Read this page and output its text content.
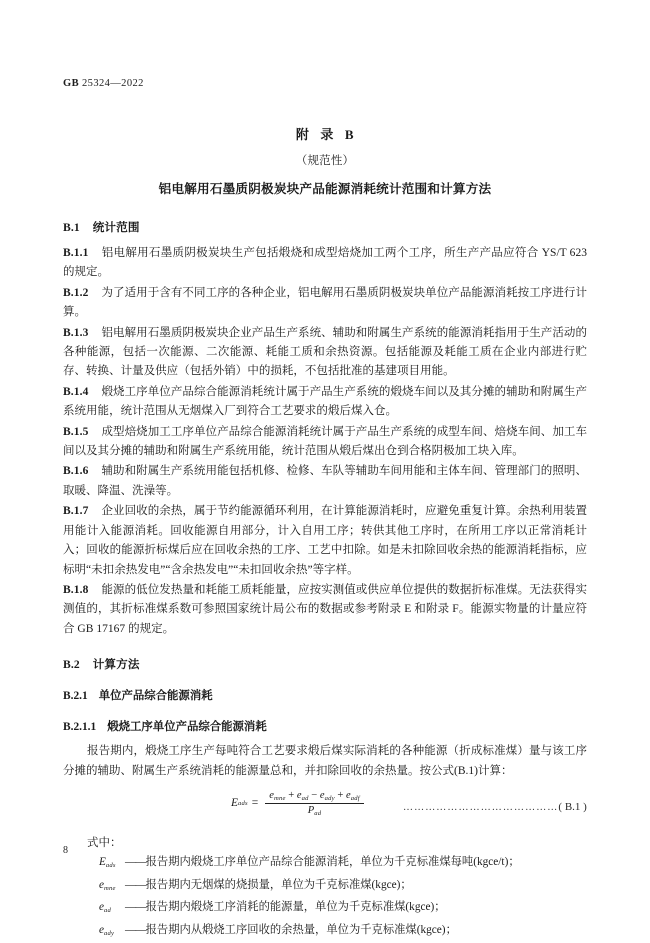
GB 25324—2022
附 录 B
（规范性）
铝电解用石墨质阴极炭块产品能源消耗统计范围和计算方法
B.1 统计范围

B.1.1 铝电解用石墨质阴极炭块生产包括煅烧和成型焙烧加工两个工序，所生产产品应符合 YS/T 623 的规定。

B.1.2 为了适用于含有不同工序的各种企业，铝电解用石墨质阴极炭块单位产品能源消耗按工序进行计算。

B.1.3 铝电解用石墨质阴极炭块企业产品生产系统、辅助和附属生产系统的能源消耗指用于生产活动的各种能源，包括一次能源、二次能源、耗能工质和余热资源。包括能源及耗能工质在企业内部进行贮存、转换、计量及供应（包括外销）中的损耗，不包括批准的基建项目用能。

B.1.4 煅烧工序单位产品综合能源消耗统计属于产品生产系统的煅烧车间以及其分摊的辅助和附属生产系统用能，统计范围从无烟煤入厂到符合工艺要求的煅后煤入仓。

B.1.5 成型焙烧加工工序单位产品综合能源消耗统计属于产品生产系统的成型车间、焙烧车间、加工车间以及其分摊的辅助和附属生产系统用能，统计范围从煅后煤出仓到合格阴极加工块入库。

B.1.6 辅助和附属生产系统用能包括机修、检修、车队等辅助车间用能和主体车间、管理部门的照明、取暖、降温、洗澡等。

B.1.7 企业回收的余热，属于节约能源循环利用，在计算能源消耗时，应避免重复计算。余热利用装置用能计入能源消耗。回收能源自用部分，计入自用工序；转供其他工序时，在所用工序以正常消耗计入；回收的能源折标煤后应在回收余热的工序、工艺中扣除。如是未扣除回收余热的能源消耗指标，应标明“未扣余热发电”“含余热发电”“未扣回收余热”等字样。

B.1.8 能源的低位发热量和耗能工质耗能量，应按实测值或供应单位提供的数据折标准煤。无法获得实测值的，其折标准煤系数可参照国家统计局公布的数据或参考附录 E 和附录 F。能源实物量的计量应符合 GB 17167 的规定。

B.2 计算方法
B.2.1 单位产品综合能源消耗
B.2.1.1 煅烧工序单位产品综合能源消耗

报告期内，煅烧工序生产每吨符合工艺要求煅后煤实际消耗的各种能源（折成标准煤）量与该工序分摊的辅助、附属生产系统消耗的能源量总和，并扣除回收的余热量。按公式(B.1)计算：

E ads =
$e_{mne} + e_{ad} - e_{ady} + e_{adf}$
$P_{ad}$
……………………………………( B.1 )
式中：
$E_{ads}$ ——报告期内煅烧工序单位产品综合能源消耗，单位为千克标准煤每吨(kgce/t)；
$e_{mne}$ ——报告期内无烟煤的烧损量，单位为千克标准煤(kgce)；
$e_{ad}$ ——报告期内煅烧工序消耗的能源量，单位为千克标准煤(kgce)；
$e_{ady}$ ——报告期内从煅烧工序回收的余热量，单位为千克标准煤(kgce)；
8
